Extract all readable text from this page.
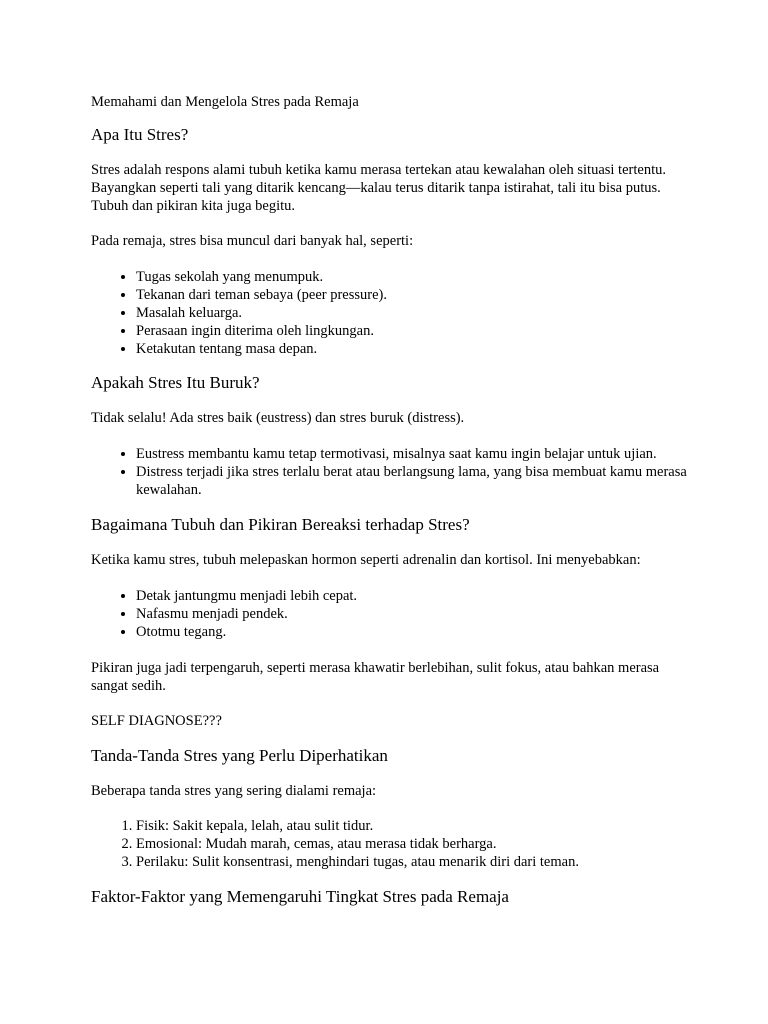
Memahami dan Mengelola Stres pada Remaja

Apa Itu Stres?

Stres adalah respons alami tubuh ketika kamu merasa tertekan atau kewalahan oleh situasi tertentu. Bayangkan seperti tali yang ditarik kencang—kalau terus ditarik tanpa istirahat, tali itu bisa putus. Tubuh dan pikiran kita juga begitu.

Pada remaja, stres bisa muncul dari banyak hal, seperti:

• Tugas sekolah yang menumpuk.
• Tekanan dari teman sebaya (peer pressure).
• Masalah keluarga.
• Perasaan ingin diterima oleh lingkungan.
• Ketakutan tentang masa depan.
Apakah Stres Itu Buruk?

Tidak selalu! Ada stres baik (eustress) dan stres buruk (distress).

• Eustress membantu kamu tetap termotivasi, misalnya saat kamu ingin belajar untuk ujian.
• Distress terjadi jika stres terlalu berat atau berlangsung lama, yang bisa membuat kamu merasa kewalahan.
Bagaimana Tubuh dan Pikiran Bereaksi terhadap Stres?

Ketika kamu stres, tubuh melepaskan hormon seperti adrenalin dan kortisol. Ini menyebabkan:

• Detak jantungmu menjadi lebih cepat.
• Nafasmu menjadi pendek.
• Ototmu tegang.

Pikiran juga jadi terpengaruh, seperti merasa khawatir berlebihan, sulit fokus, atau bahkan merasa sangat sedih.

SELF DIAGNOSE???

Tanda-Tanda Stres yang Perlu Diperhatikan

Beberapa tanda stres yang sering dialami remaja:

1. Fisik: Sakit kepala, lelah, atau sulit tidur.
2. Emosional: Mudah marah, cemas, atau merasa tidak berharga.
3. Perilaku: Sulit konsentrasi, menghindari tugas, atau menarik diri dari teman.
Faktor-Faktor yang Memengaruhi Tingkat Stres pada Remaja
